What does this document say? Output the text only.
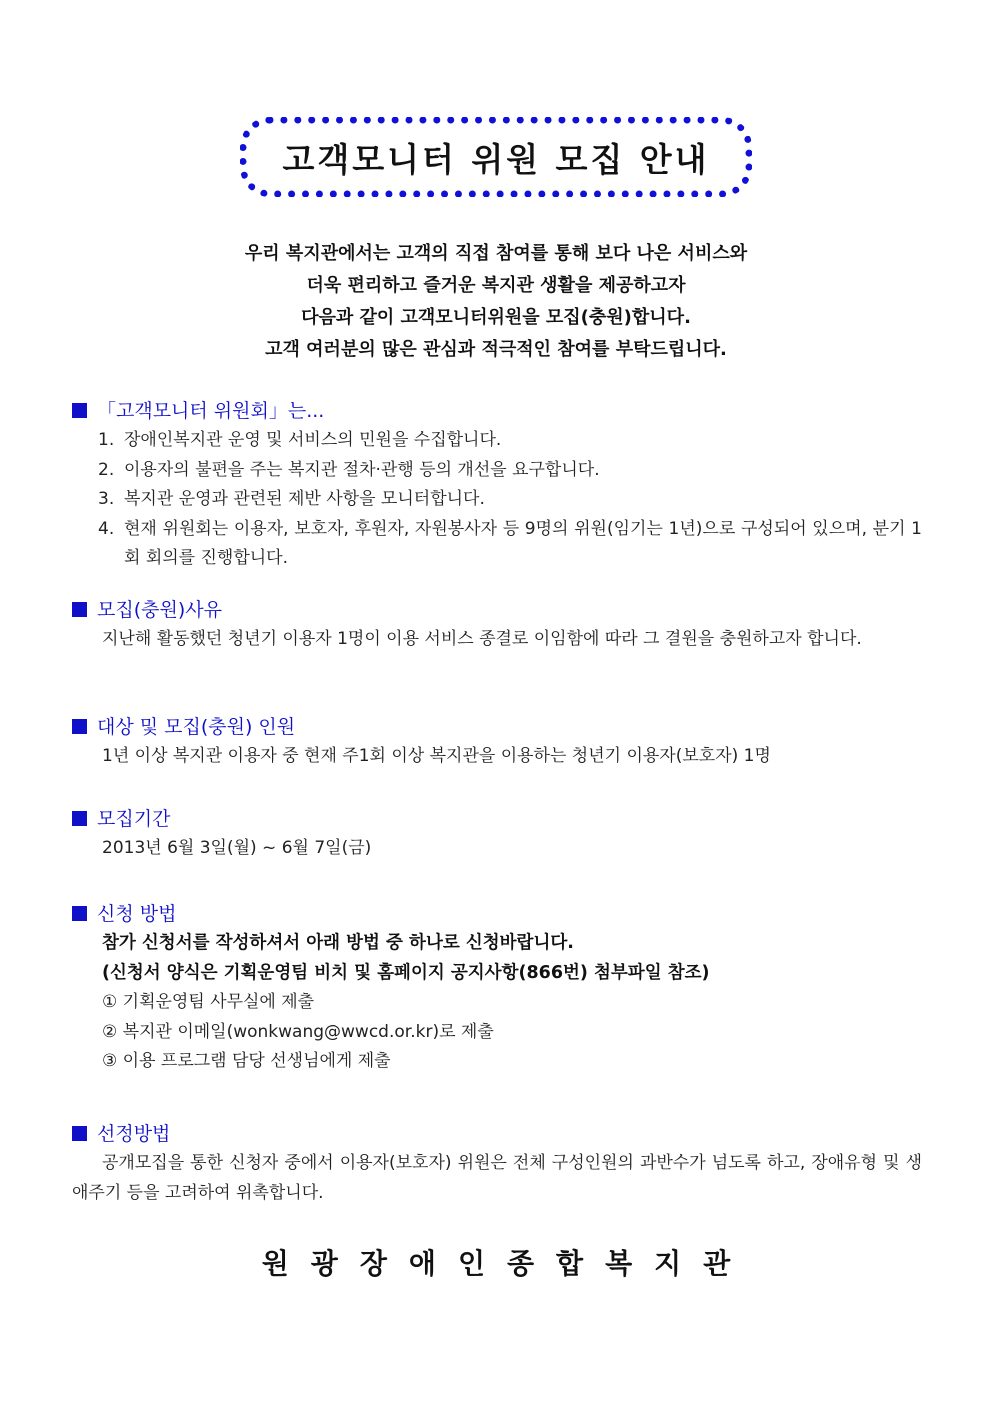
고객모니터 위원 모집 안내
우리 복지관에서는 고객의 직접 참여를 통해 보다 나은 서비스와
더욱 편리하고 즐거운 복지관 생활을 제공하고자
다음과 같이 고객모니터위원을 모집(충원)합니다.
고객 여러분의 많은 관심과 적극적인 참여를 부탁드립니다.
「고객모니터 위원회」는...
1. 장애인복지관 운영 및 서비스의 민원을 수집합니다.
2. 이용자의 불편을 주는 복지관 절차·관행 등의 개선을 요구합니다.
3. 복지관 운영과 관련된 제반 사항을 모니터합니다.
4. 현재 위원회는 이용자, 보호자, 후원자, 자원봉사자 등 9명의 위원(임기는 1년)으로 구성되어 있으며, 분기 1회 회의를 진행합니다.
모집(충원)사유
지난해 활동했던 청년기 이용자 1명이 이용 서비스 종결로 이임함에 따라 그 결원을 충원하고자 합니다.
대상 및 모집(충원) 인원
1년 이상 복지관 이용자 중 현재 주1회 이상 복지관을 이용하는 청년기 이용자(보호자) 1명
모집기간
2013년 6월 3일(월) ~ 6월 7일(금)
신청 방법
참가 신청서를 작성하셔서 아래 방법 중 하나로 신청바랍니다.
(신청서 양식은 기획운영팀 비치 및 홈페이지 공지사항(866번) 첨부파일 참조)
① 기획운영팀 사무실에 제출
② 복지관 이메일(wonkwang@wwcd.or.kr)로 제출
③ 이용 프로그램 담당 선생님에게 제출
선정방법
공개모집을 통한 신청자 중에서 이용자(보호자) 위원은 전체 구성인원의 과반수가 넘도록 하고, 장애유형 및 생애주기 등을 고려하여 위촉합니다.
원광장애인종합복지관
